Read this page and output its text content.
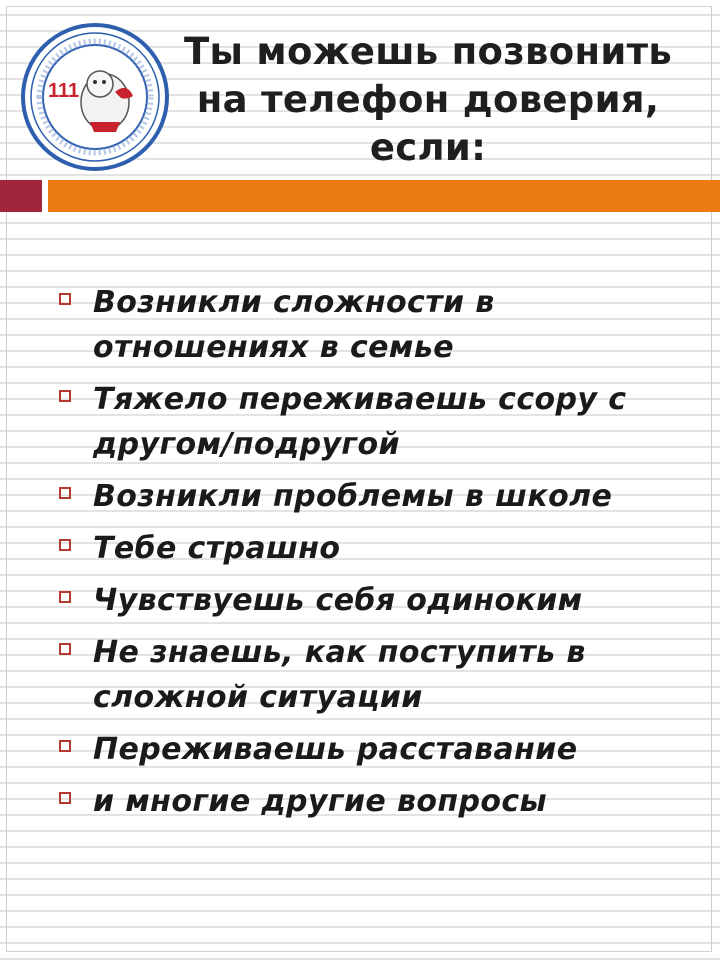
111
Ты можешь позвонить
на телефон доверия,
если:
Возникли сложности в отношениях в семье
Тяжело переживаешь ссору с другом/подругой
Возникли проблемы в школе
Тебе страшно
Чувствуешь себя одиноким
Не знаешь, как поступить в сложной ситуации
Переживаешь расставание
и многие другие вопросы
